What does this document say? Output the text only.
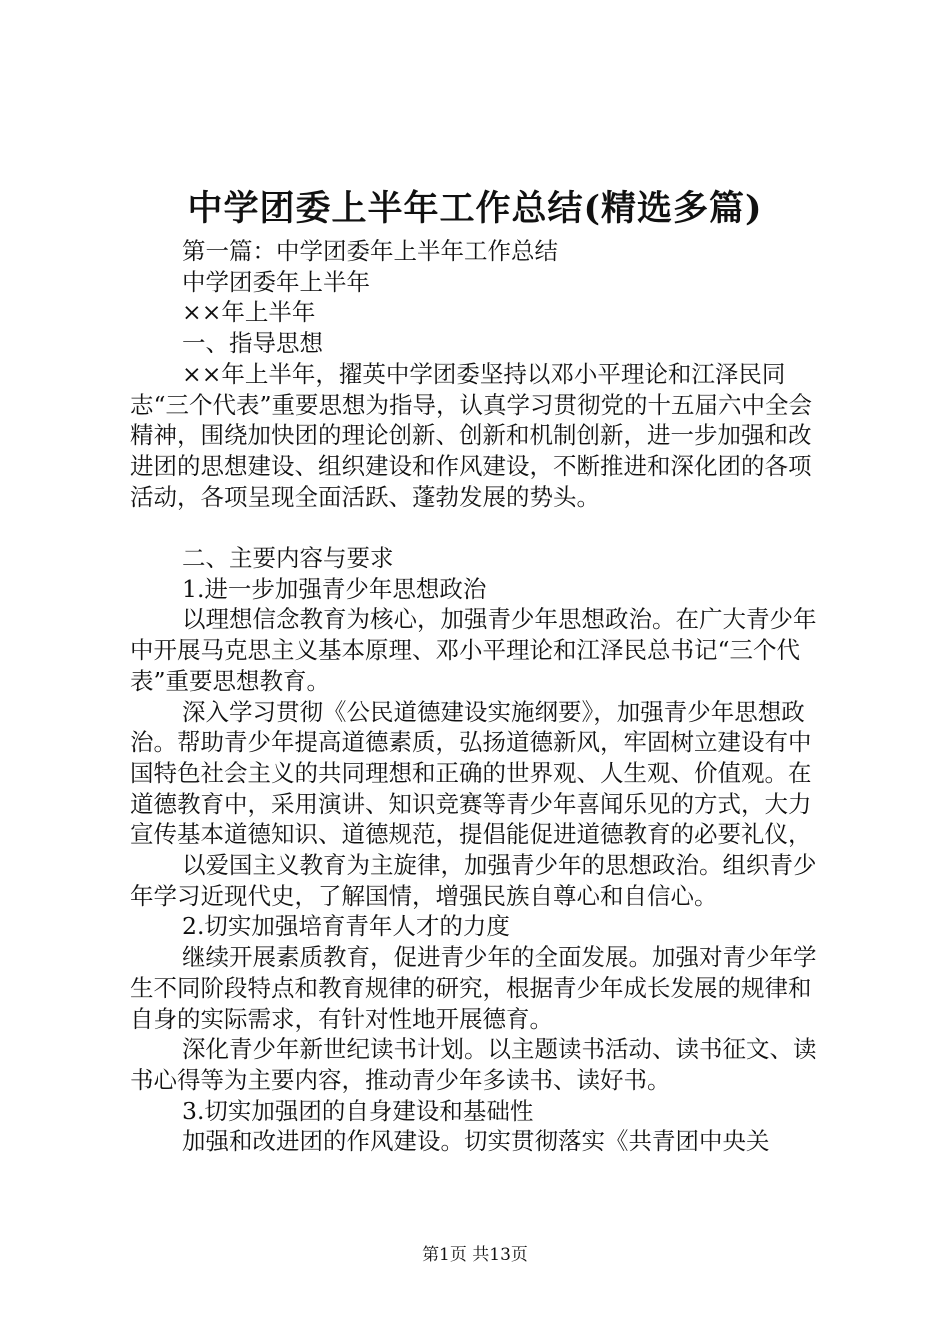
中学团委上半年工作总结(精选多篇)

第一篇：中学团委年上半年工作总结

中学团委年上半年

××年上半年

一、指导思想

××年上半年，擢英中学团委坚持以邓小平理论和江泽民同志“三个代表”重要思想为指导，认真学习贯彻党的十五届六中全会精神，围绕加快团的理论创新、创新和机制创新，进一步加强和改进团的思想建设、组织建设和作风建设，不断推进和深化团的各项活动，各项呈现全面活跃、蓬勃发展的势头。

二、主要内容与要求

1.进一步加强青少年思想政治

以理想信念教育为核心，加强青少年思想政治。在广大青少年中开展马克思主义基本原理、邓小平理论和江泽民总书记“三个代表”重要思想教育。

深入学习贯彻《公民道德建设实施纲要》，加强青少年思想政治。帮助青少年提高道德素质，弘扬道德新风，牢固树立建设有中国特色社会主义的共同理想和正确的世界观、人生观、价值观。在道德教育中，采用演讲、知识竞赛等青少年喜闻乐见的方式，大力宣传基本道德知识、道德规范，提倡能促进道德教育的必要礼仪，

以爱国主义教育为主旋律，加强青少年的思想政治。组织青少年学习近现代史，了解国情，增强民族自尊心和自信心。

2.切实加强培育青年人才的力度

继续开展素质教育，促进青少年的全面发展。加强对青少年学生不同阶段特点和教育规律的研究，根据青少年成长发展的规律和自身的实际需求，有针对性地开展德育。

深化青少年新世纪读书计划。以主题读书活动、读书征文、读书心得等为主要内容，推动青少年多读书、读好书。

3.切实加强团的自身建设和基础性

加强和改进团的作风建设。切实贯彻落实《共青团中央关

第1页 共13页
